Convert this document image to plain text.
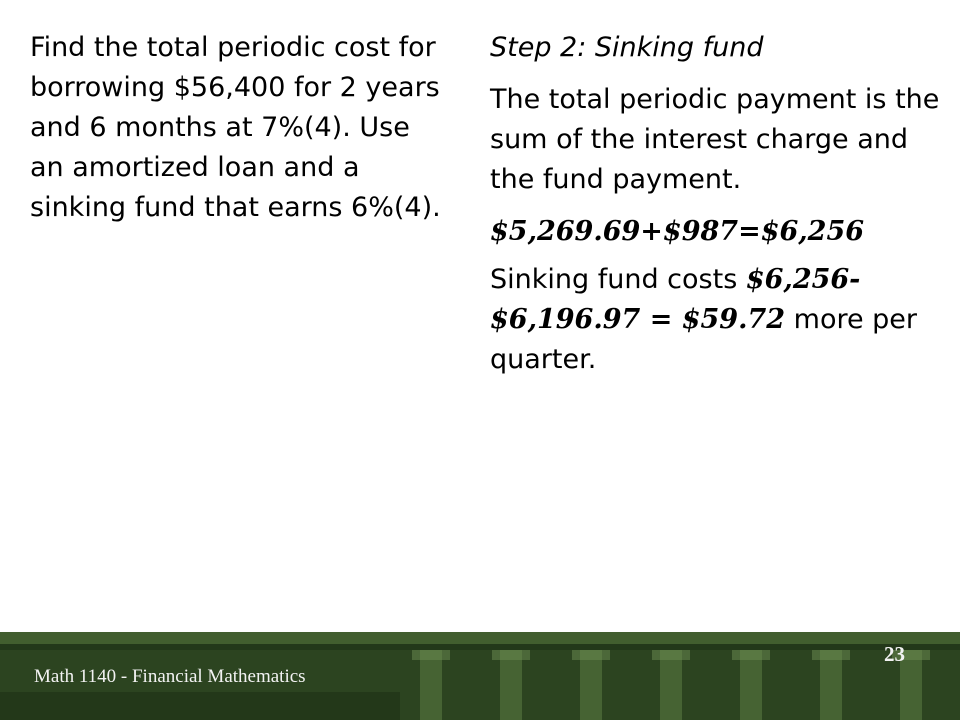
Find the total periodic cost for borrowing $56,400 for 2 years and 6 months at 7%(4). Use an amortized loan and a sinking fund that earns 6%(4).

Step 2: Sinking fund

The total periodic payment is the sum of the interest charge and the fund payment.

$5,269.69+$987=$6,256

Sinking fund costs $6,256- $6,196.97 = $59.72 more per quarter.

Math 1140 - Financial Mathematics
23
